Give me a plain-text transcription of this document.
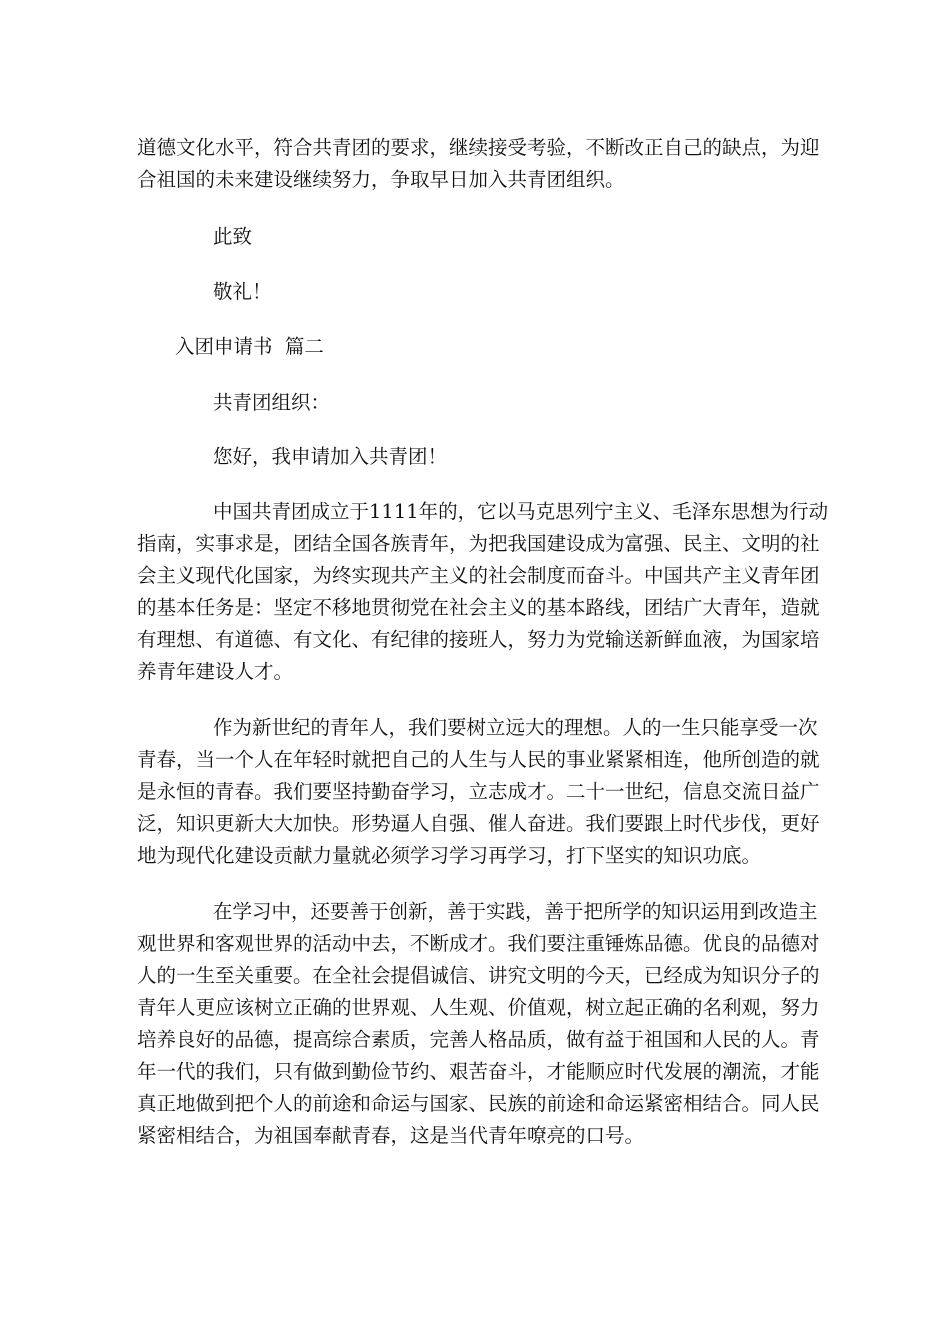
道德文化水平，符合共青团的要求，继续接受考验，不断改正自己的缺点，为迎
合祖国的未来建设继续努力，争取早日加入共青团组织。
此致
敬礼！
入团申请书  篇二
共青团组织：
您好，我申请加入共青团！
中国共青团成立于1111年的，它以马克思列宁主义、毛泽东思想为行动
指南，实事求是，团结全国各族青年，为把我国建设成为富强、民主、文明的社
会主义现代化国家，为终实现共产主义的社会制度而奋斗。中国共产主义青年团
的基本任务是：坚定不移地贯彻党在社会主义的基本路线，团结广大青年，造就
有理想、有道德、有文化、有纪律的接班人，努力为党输送新鲜血液，为国家培
养青年建设人才。
作为新世纪的青年人，我们要树立远大的理想。人的一生只能享受一次
青春，当一个人在年轻时就把自己的人生与人民的事业紧紧相连，他所创造的就
是永恒的青春。我们要坚持勤奋学习，立志成才。二十一世纪，信息交流日益广
泛，知识更新大大加快。形势逼人自强、催人奋进。我们要跟上时代步伐，更好
地为现代化建设贡献力量就必须学习学习再学习，打下坚实的知识功底。
在学习中，还要善于创新，善于实践，善于把所学的知识运用到改造主
观世界和客观世界的活动中去，不断成才。我们要注重锤炼品德。优良的品德对
人的一生至关重要。在全社会提倡诚信、讲究文明的今天，已经成为知识分子的
青年人更应该树立正确的世界观、人生观、价值观，树立起正确的名利观，努力
培养良好的品德，提高综合素质，完善人格品质，做有益于祖国和人民的人。青
年一代的我们，只有做到勤俭节约、艰苦奋斗，才能顺应时代发展的潮流，才能
真正地做到把个人的前途和命运与国家、民族的前途和命运紧密相结合。同人民
紧密相结合，为祖国奉献青春，这是当代青年嘹亮的口号。
